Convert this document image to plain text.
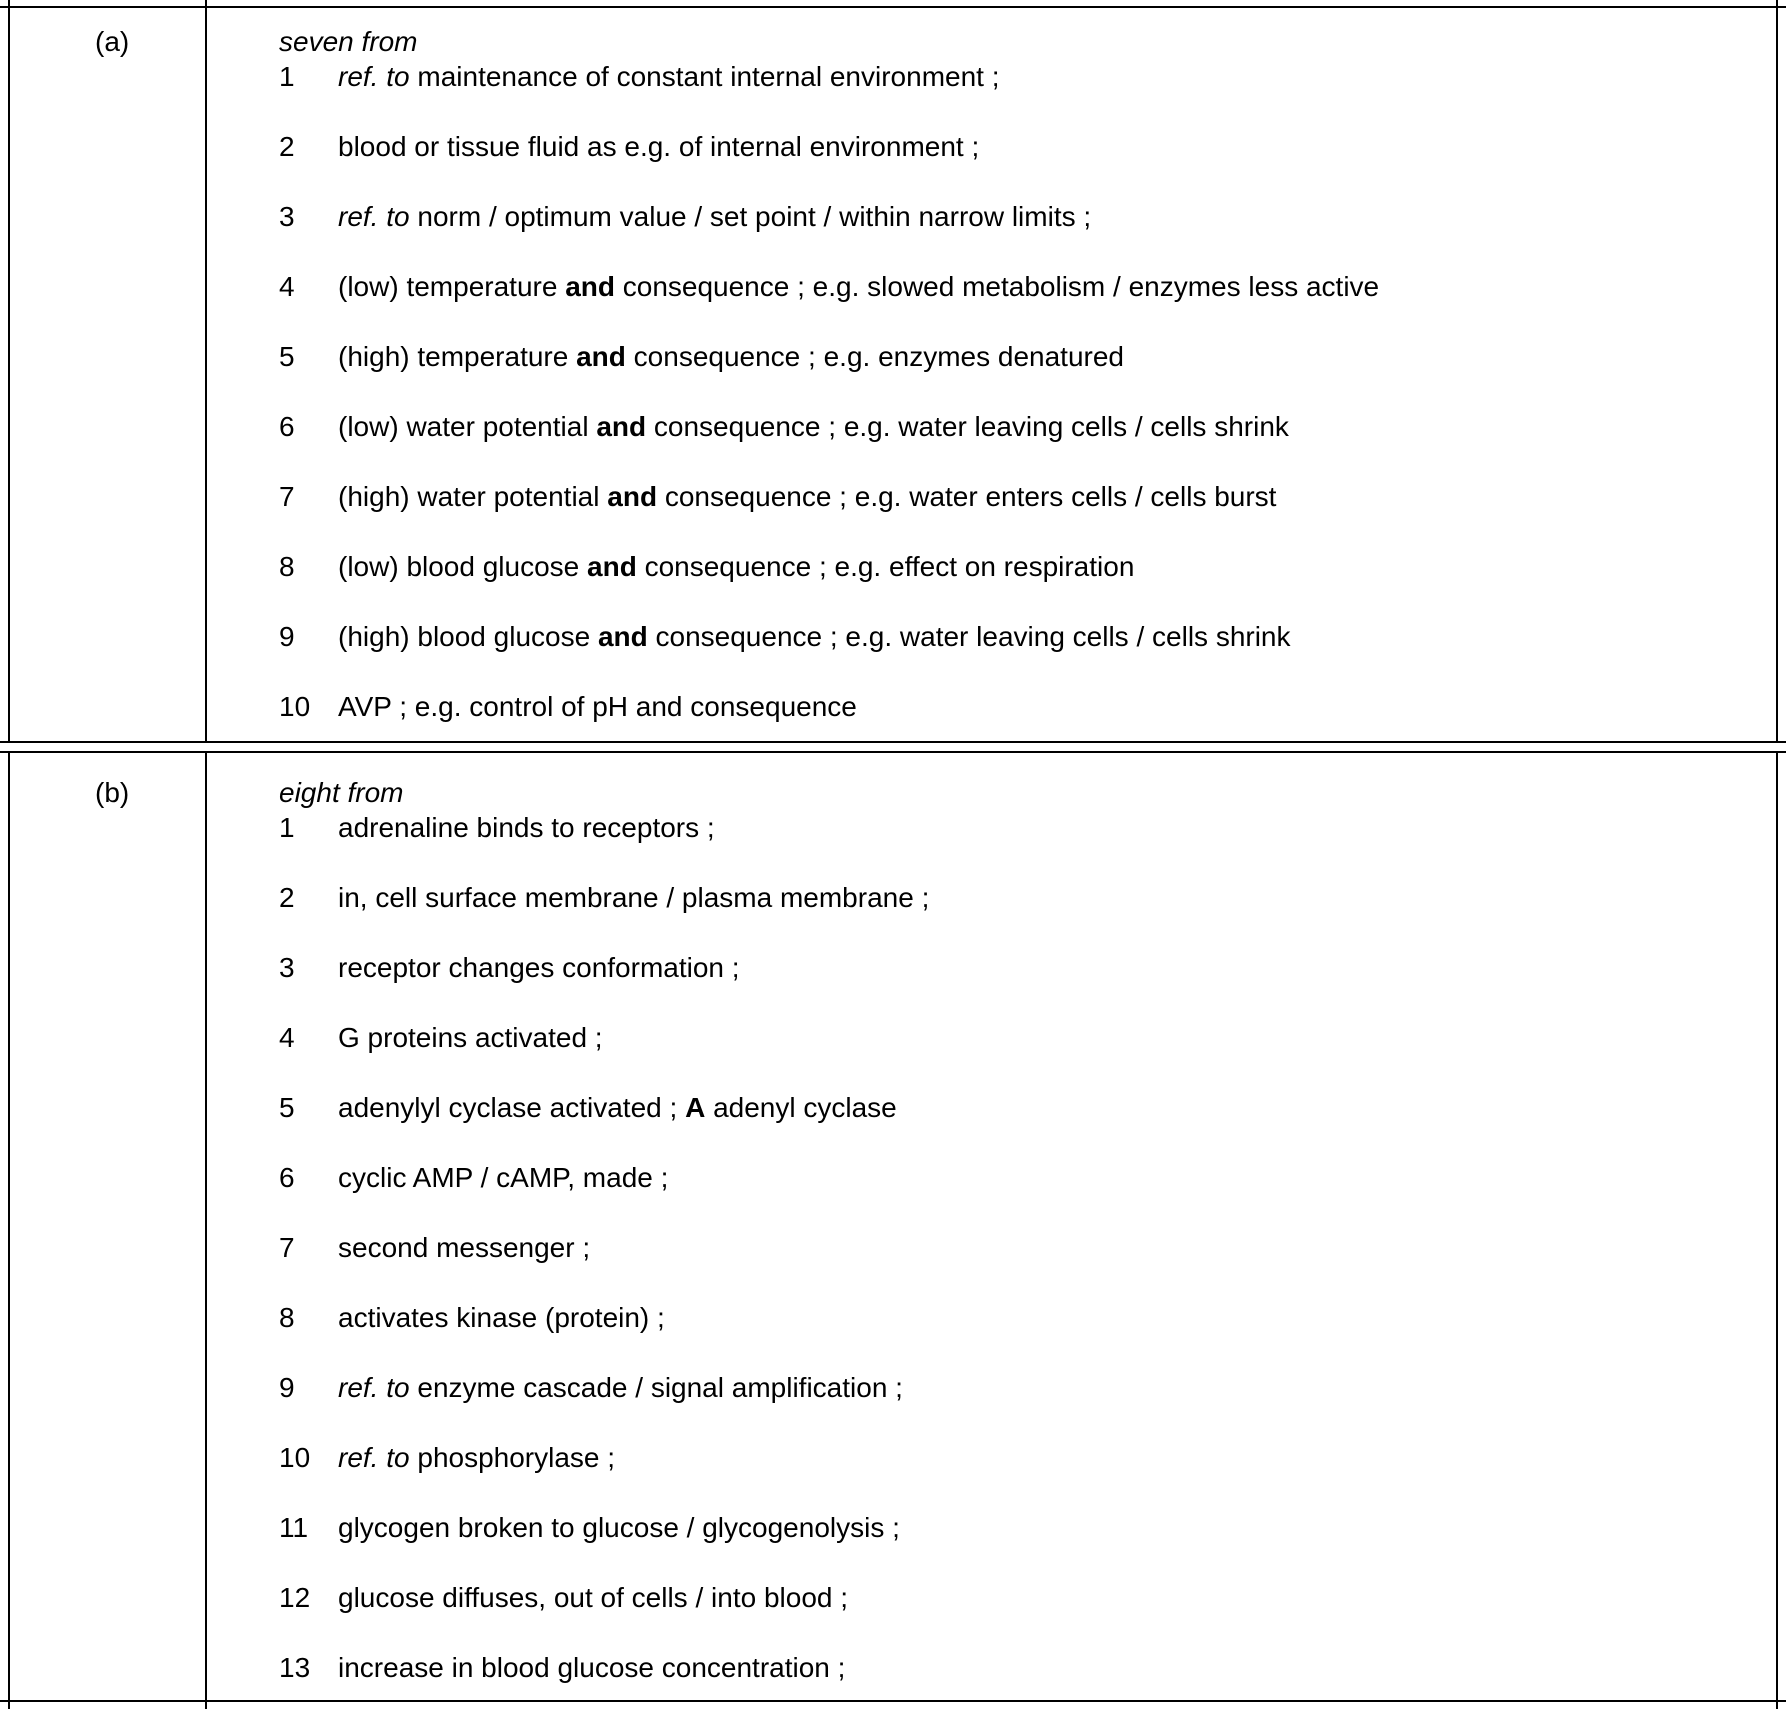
(a)	seven from
1	ref. to maintenance of constant internal environment ;
2	blood or tissue fluid as e.g. of internal environment ;
3	ref. to norm / optimum value / set point / within narrow limits ;
4	(low) temperature and consequence ; e.g. slowed metabolism / enzymes less active
5	(high) temperature and consequence ; e.g. enzymes denatured
6	(low) water potential and consequence ; e.g. water leaving cells / cells shrink
7	(high) water potential and consequence ; e.g. water enters cells / cells burst
8	(low) blood glucose and consequence ; e.g. effect on respiration
9	(high) blood glucose and consequence ; e.g. water leaving cells / cells shrink
10 AVP ; e.g. control of pH and consequence
(b)	eight from
1	adrenaline binds to receptors ;
2	in, cell surface membrane / plasma membrane ;
3	receptor changes conformation ;
4	G proteins activated ;
5	adenylyl cyclase activated ; A adenyl cyclase
6	cyclic AMP / cAMP, made ;
7	second messenger ;
8	activates kinase (protein) ;
9	ref. to enzyme cascade / signal amplification ;
10 ref. to phosphorylase ;
11	glycogen broken to glucose / glycogenolysis ;
12 glucose diffuses, out of cells / into blood ;
13 increase in blood glucose concentration ;
